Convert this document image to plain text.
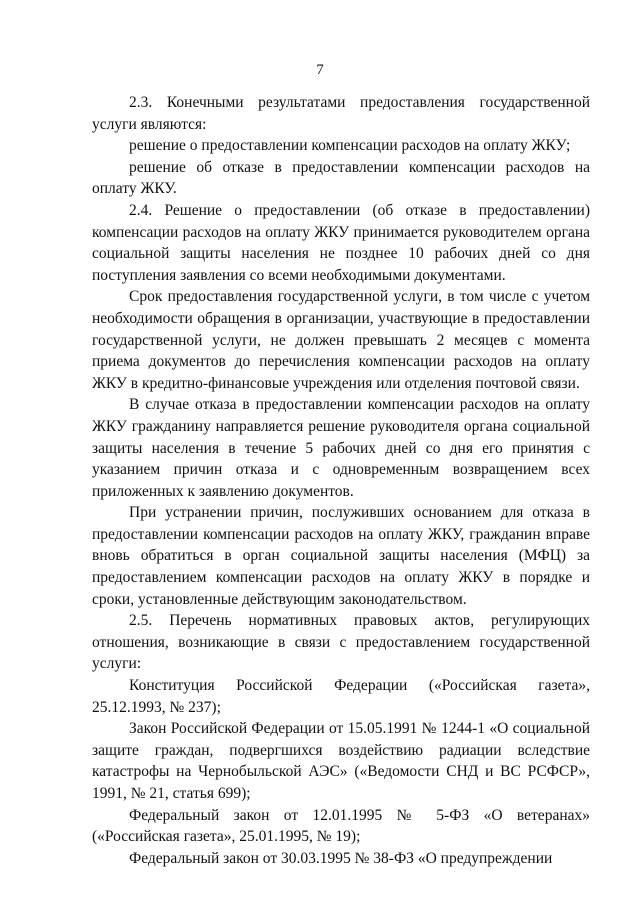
7

2.3. Конечными результатами предоставления государственной услуги являются:

решение о предоставлении компенсации расходов на оплату ЖКУ;

решение об отказе в предоставлении компенсации расходов на оплату ЖКУ.

2.4. Решение о предоставлении (об отказе в предоставлении) компенсации расходов на оплату ЖКУ принимается руководителем органа социальной защиты населения не позднее 10 рабочих дней со дня поступления заявления со всеми необходимыми документами.

Срок предоставления государственной услуги, в том числе с учетом необходимости обращения в организации, участвующие в предоставлении государственной услуги, не должен превышать 2 месяцев с момента приема документов до перечисления компенсации расходов на оплату ЖКУ в кредитно-финансовые учреждения или отделения почтовой связи.

В случае отказа в предоставлении компенсации расходов на оплату ЖКУ гражданину направляется решение руководителя органа социальной защиты населения в течение 5 рабочих дней со дня его принятия с указанием причин отказа и с одновременным возвращением всех приложенных к заявлению документов.

При устранении причин, послуживших основанием для отказа в предоставлении компенсации расходов на оплату ЖКУ, гражданин вправе вновь обратиться в орган социальной защиты населения (МФЦ) за предоставлением компенсации расходов на оплату ЖКУ в порядке и сроки, установленные действующим законодательством.

2.5. Перечень нормативных правовых актов, регулирующих отношения, возникающие в связи с предоставлением государственной услуги:

Конституция Российской Федерации («Российская газета», 25.12.1993, № 237);

Закон Российской Федерации от 15.05.1991 № 1244-1 «О социальной защите граждан, подвергшихся воздействию радиации вследствие катастрофы на Чернобыльской АЭС» («Ведомости СНД и ВС РСФСР», 1991, № 21, статья 699);

Федеральный закон от 12.01.1995 № 5-ФЗ «О ветеранах» («Российская газета», 25.01.1995, № 19);

Федеральный закон от 30.03.1995 № 38-ФЗ «О предупреждении
